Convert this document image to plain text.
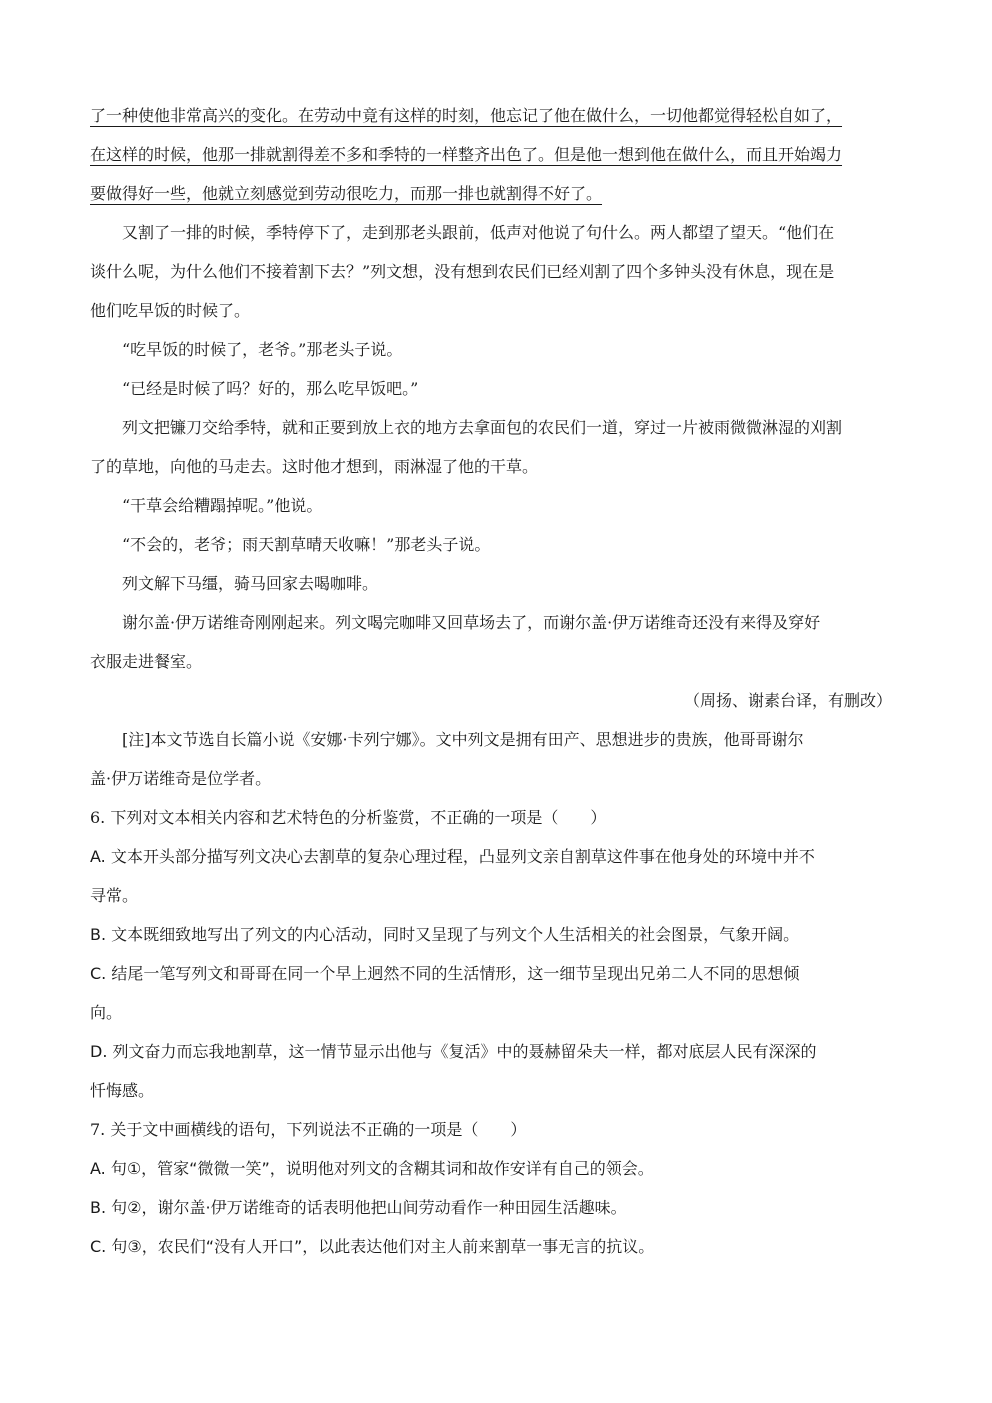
了一种使他非常高兴的变化。在劳动中竟有这样的时刻，他忘记了他在做什么，一切他都觉得轻松自如了，
在这样的时候，他那一排就割得差不多和季特的一样整齐出色了。但是他一想到他在做什么，而且开始竭力
要做得好一些，他就立刻感觉到劳动很吃力，而那一排也就割得不好了。
又割了一排的时候，季特停下了，走到那老头跟前，低声对他说了句什么。两人都望了望天。“他们在
谈什么呢，为什么他们不接着割下去？”列文想，没有想到农民们已经刈割了四个多钟头没有休息，现在是
他们吃早饭的时候了。
“吃早饭的时候了，老爷。”那老头子说。
“已经是时候了吗？好的，那么吃早饭吧。”
列文把镰刀交给季特，就和正要到放上衣的地方去拿面包的农民们一道，穿过一片被雨微微淋湿的刈割
了的草地，向他的马走去。这时他才想到，雨淋湿了他的干草。
“干草会给糟蹋掉呢。”他说。
“不会的，老爷；雨天割草晴天收嘛！”那老头子说。
列文解下马缰，骑马回家去喝咖啡。
谢尔盖·伊万诺维奇刚刚起来。列文喝完咖啡又回草场去了，而谢尔盖·伊万诺维奇还没有来得及穿好
衣服走进餐室。
（周扬、谢素台译，有删改）
[注]本文节选自长篇小说《安娜·卡列宁娜》。文中列文是拥有田产、思想进步的贵族，他哥哥谢尔
盖·伊万诺维奇是位学者。
6. 下列对文本相关内容和艺术特色的分析鉴赏，不正确的一项是（　　）
A. 文本开头部分描写列文决心去割草的复杂心理过程，凸显列文亲自割草这件事在他身处的环境中并不
寻常。
B. 文本既细致地写出了列文的内心活动，同时又呈现了与列文个人生活相关的社会图景，气象开阔。
C. 结尾一笔写列文和哥哥在同一个早上迥然不同的生活情形，这一细节呈现出兄弟二人不同的思想倾
向。
D. 列文奋力而忘我地割草，这一情节显示出他与《复活》中的聂赫留朵夫一样，都对底层人民有深深的
忏悔感。
7. 关于文中画横线的语句，下列说法不正确的一项是（　　）
A. 句①，管家“微微一笑”，说明他对列文的含糊其词和故作安详有自己的领会。
B. 句②，谢尔盖·伊万诺维奇的话表明他把山间劳动看作一种田园生活趣味。
C. 句③，农民们“没有人开口”，以此表达他们对主人前来割草一事无言的抗议。
